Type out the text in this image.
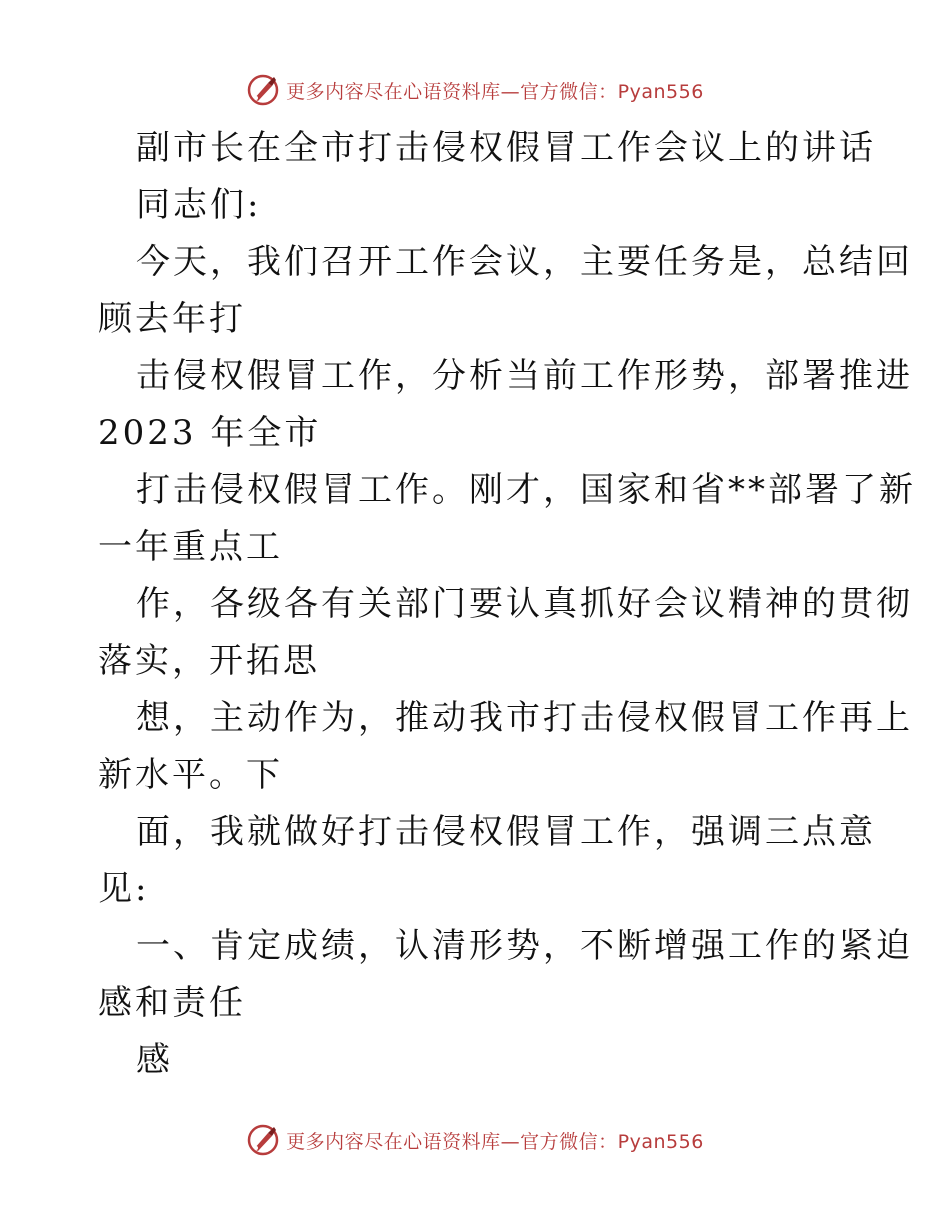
更多内容尽在心语资料库—官方微信：Pyan556
副市长在全市打击侵权假冒工作会议上的讲话
同志们:
今天，我们召开工作会议，主要任务是，总结回
顾去年打
击侵权假冒工作，分析当前工作形势，部署推进
2023 年全市
打击侵权假冒工作。刚才，国家和省**部署了新
一年重点工
作，各级各有关部门要认真抓好会议精神的贯彻
落实，开拓思
想，主动作为，推动我市打击侵权假冒工作再上
新水平。下
面，我就做好打击侵权假冒工作，强调三点意
见:
一、肯定成绩，认清形势，不断增强工作的紧迫
感和责任
感
更多内容尽在心语资料库—官方微信：Pyan556
